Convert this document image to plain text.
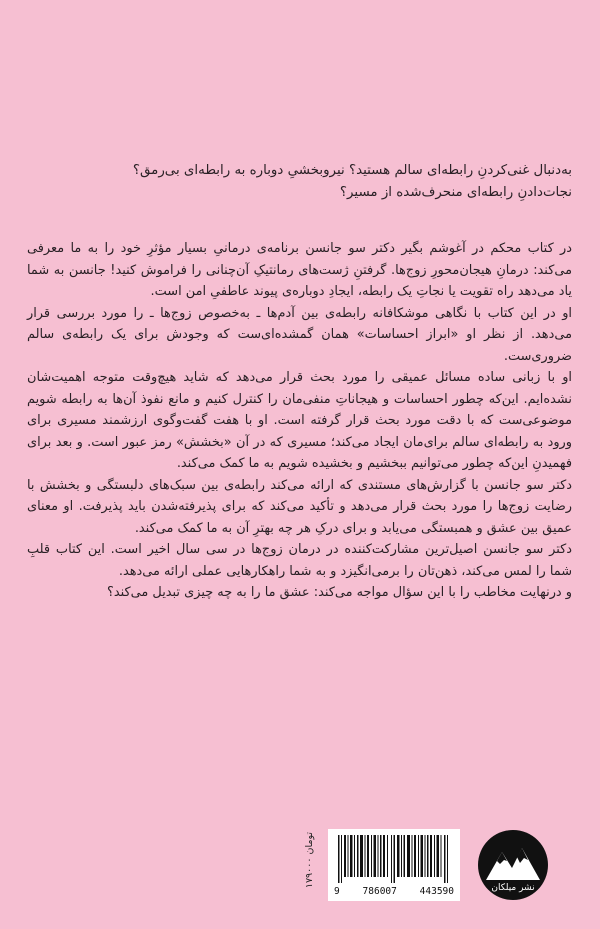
به‌دنبال غنی‌کردنِ رابطه‌ای سالم هستید؟ نیروبخشیِ دوباره به رابطه‌ای بی‌رمق؟

نجات‌دادنِ رابطه‌ای منحرف‌شده از مسیر؟

در کتاب محکم در آغوشم بگیر دکتر سو جانسن برنامه‌ی درمانیِ بسیار مؤثرِ خود را به ما معرفی می‌کند: درمانِ هیجان‌محورِ زوج‌ها. گرفتنِ ژست‌های رمانتیکِ آن‌چنانی را فراموش کنید! جانسن به شما یاد می‌دهد راه تقویت یا نجاتِ یک رابطه، ایجادِ دوباره‌ی پیوند عاطفیِ امن است.

او در این کتاب با نگاهی موشکافانه رابطه‌ی بین آدم‌ها ـ به‌خصوص زوج‌ها ـ را مورد بررسی قرار می‌دهد. از نظر او «ابراز احساسات» همان گمشده‌ای‌ست که وجودش برای یک رابطه‌ی سالم ضروری‌ست.

او با زبانی ساده مسائل عمیقی را مورد بحث قرار می‌دهد که شاید هیچ‌وقت متوجه اهمیت‌شان نشده‌ایم. این‌که چطور احساسات و هیجاناتِ منفی‌مان را کنترل کنیم و مانع نفوذ آن‌ها به رابطه شویم موضوعی‌ست که با دقت مورد بحث قرار گرفته است. او با هفت گفت‌وگوی ارزشمند مسیری برای ورود به رابطه‌ای سالم برای‌مان ایجاد می‌کند؛ مسیری که در آن «بخشش» رمز عبور است. و بعد برای فهمیدنِ این‌که چطور می‌توانیم ببخشیم و بخشیده شویم به ما کمک می‌کند.

دکتر سو جانسن با گزارش‌های مستندی که ارائه می‌کند رابطه‌ی بین سبک‌های دلبستگی و بخشش با رضایت زوج‌ها را مورد بحث قرار می‌دهد و تأکید می‌کند که برای پذیرفته‌شدن باید پذیرفت. او معنای عمیق بین عشق و همبستگی می‌یابد و برای درکِ هر چه بهترِ آن به ما کمک می‌کند.

دکتر سو جانسن اصیل‌ترین مشارکت‌کننده در درمان زوج‌ها در سی سال اخیر است. این کتاب قلبِ شما را لمس می‌کند، ذهن‌تان را برمی‌انگیزد و به شما راهکارهایی عملی ارائه می‌دهد.

و درنهایت مخاطب را با این سؤال مواجه می‌کند: عشق ما را به چه چیزی تبدیل می‌کند؟

۱۷۹۰۰۰ تومان
9 786007 443590	نشر میلکان
